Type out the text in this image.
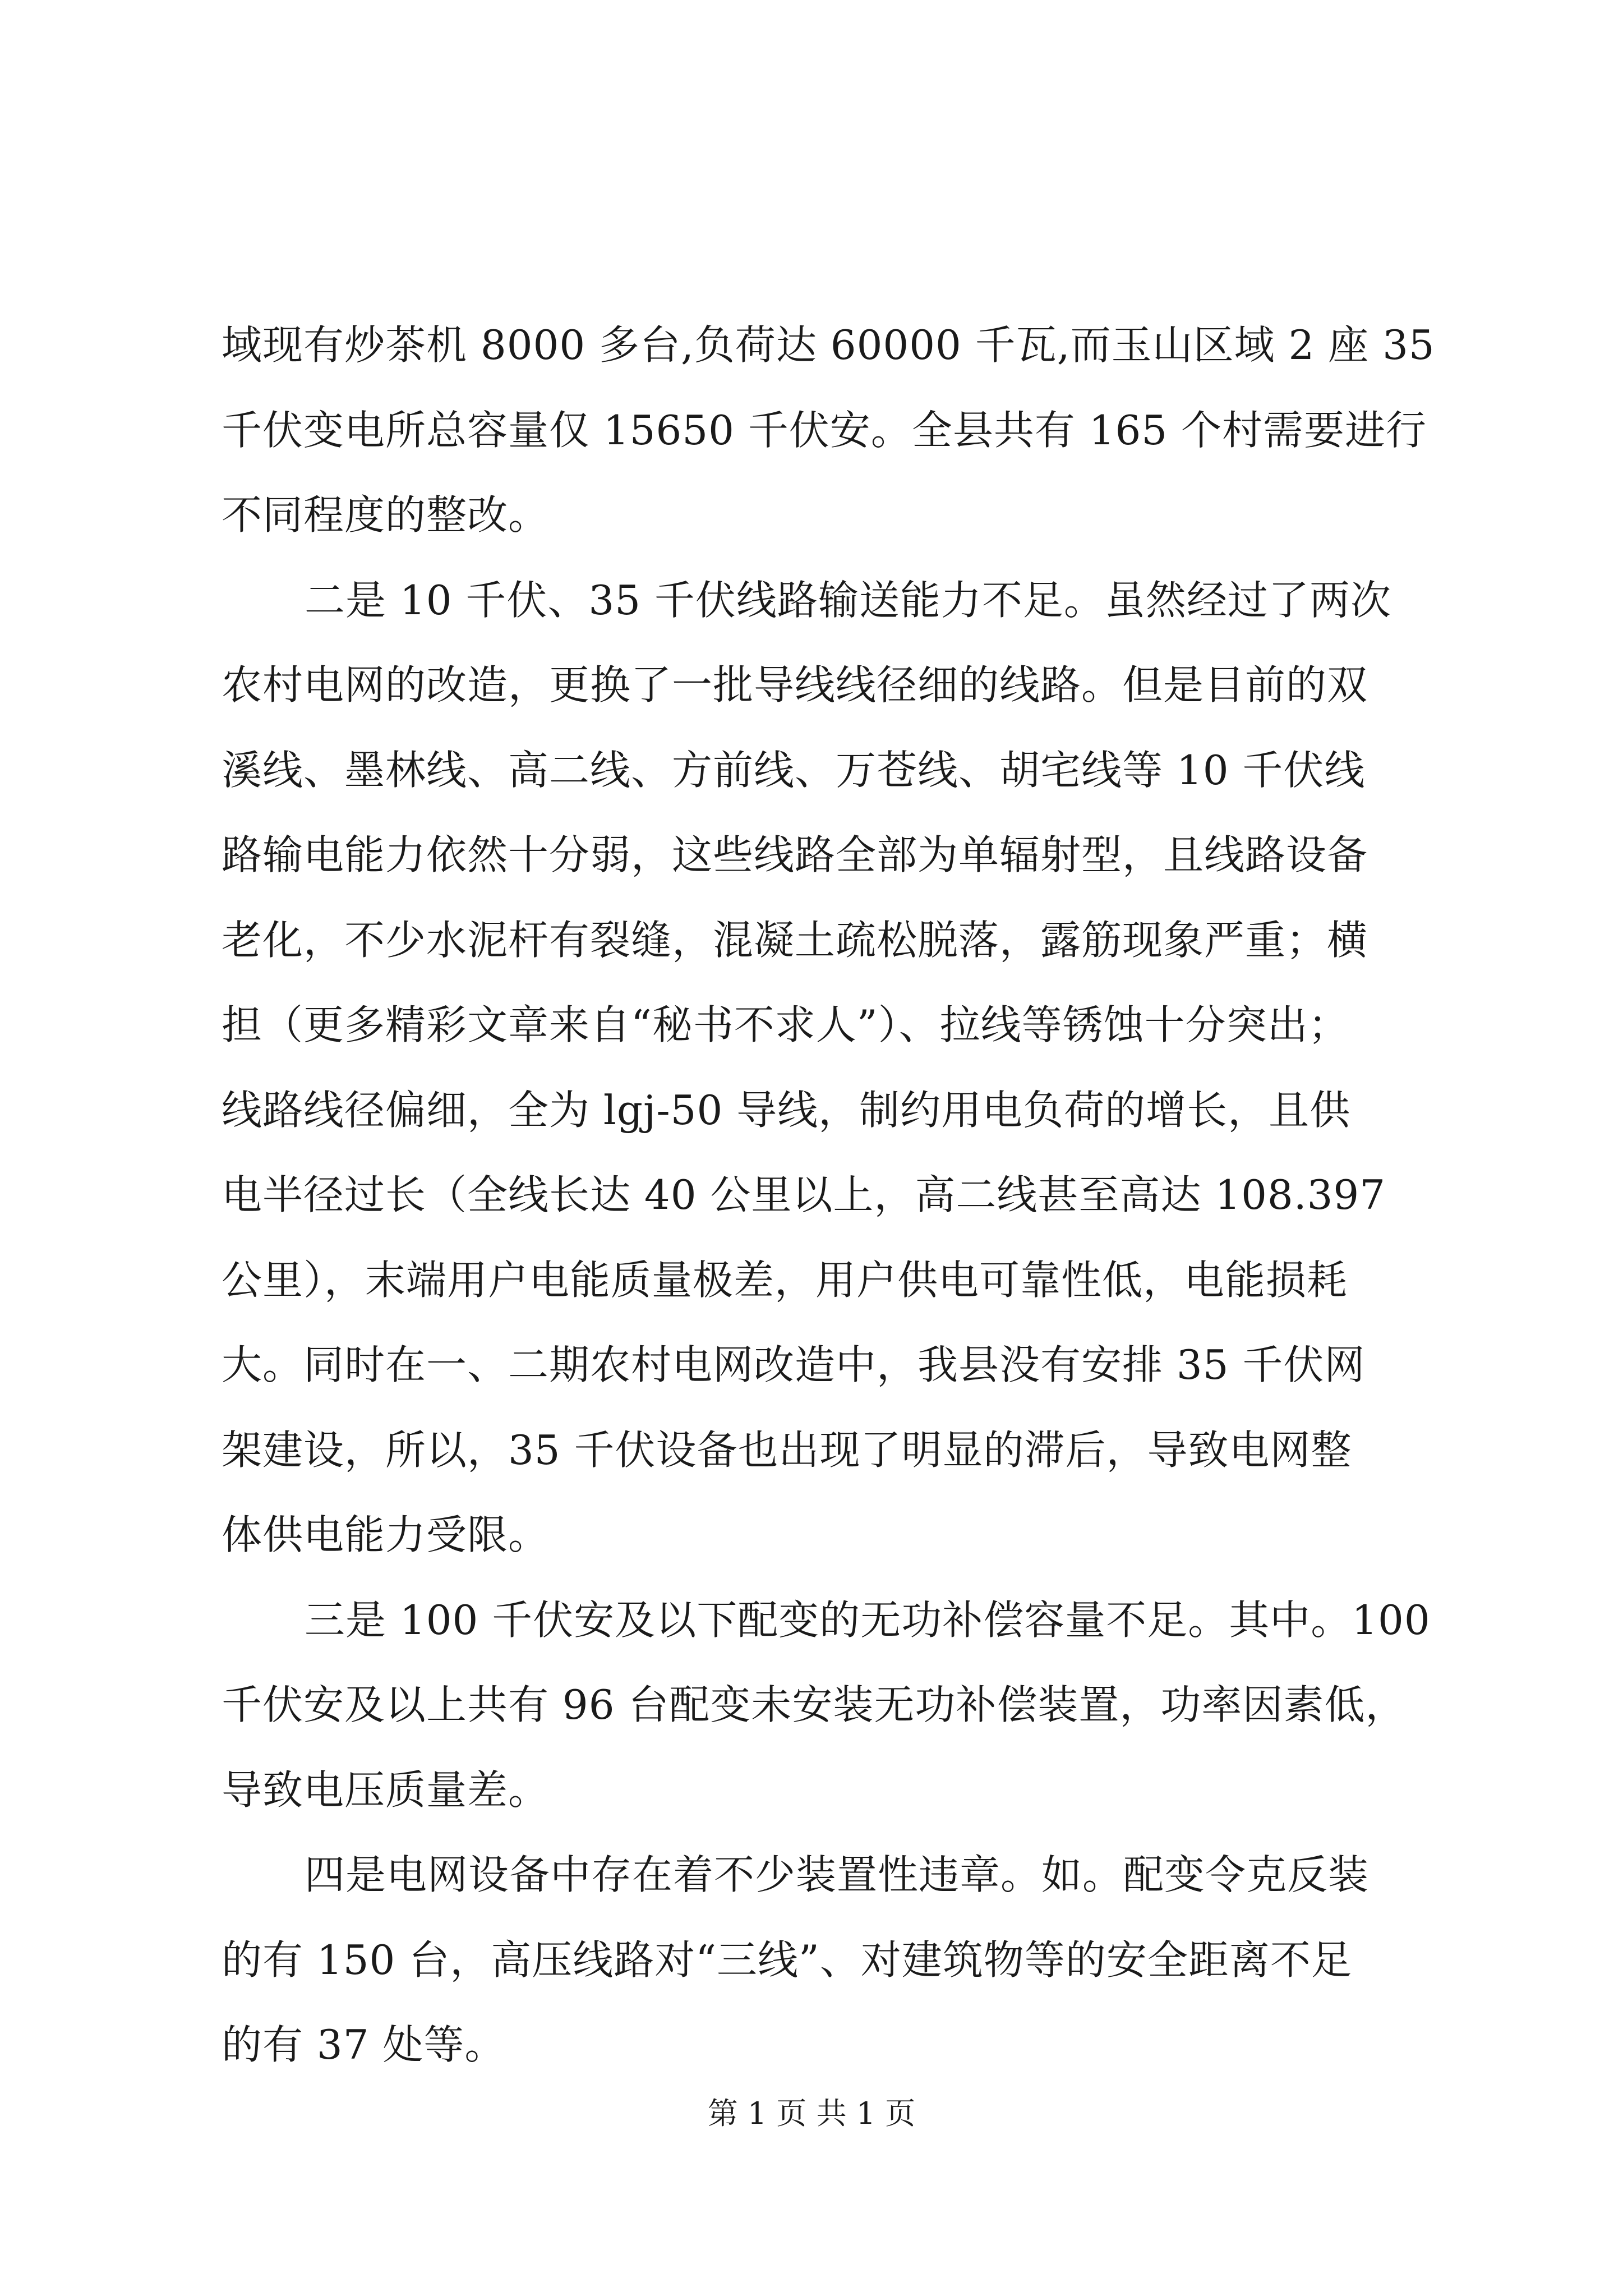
域现有炒茶机 8000 多台,负荷达 60000 千瓦,而玉山区域 2 座 35
千伏变电所总容量仅 15650 千伏安。全县共有 165 个村需要进行
不同程度的整改。
二是 10 千伏、35 千伏线路输送能力不足。虽然经过了两次
农村电网的改造，更换了一批导线线径细的线路。但是目前的双
溪线、墨林线、高二线、方前线、万苍线、胡宅线等 10 千伏线
路输电能力依然十分弱，这些线路全部为单辐射型，且线路设备
老化，不少水泥杆有裂缝，混凝土疏松脱落，露筋现象严重；横
担（更多精彩文章来自“秘书不求人”）、拉线等锈蚀十分突出；
线路线径偏细，全为 lgj-50 导线，制约用电负荷的增长，且供
电半径过长（全线长达 40 公里以上，高二线甚至高达 108.397
公里），末端用户电能质量极差，用户供电可靠性低，电能损耗
大。同时在一、二期农村电网改造中，我县没有安排 35 千伏网
架建设，所以，35 千伏设备也出现了明显的滞后，导致电网整
体供电能力受限。
三是 100 千伏安及以下配变的无功补偿容量不足。其中。100
千伏安及以上共有 96 台配变未安装无功补偿装置，功率因素低，
导致电压质量差。
四是电网设备中存在着不少装置性违章。如。配变令克反装
的有 150 台，高压线路对“三线”、对建筑物等的安全距离不足
的有 37 处等。
第 1 页 共 1 页
